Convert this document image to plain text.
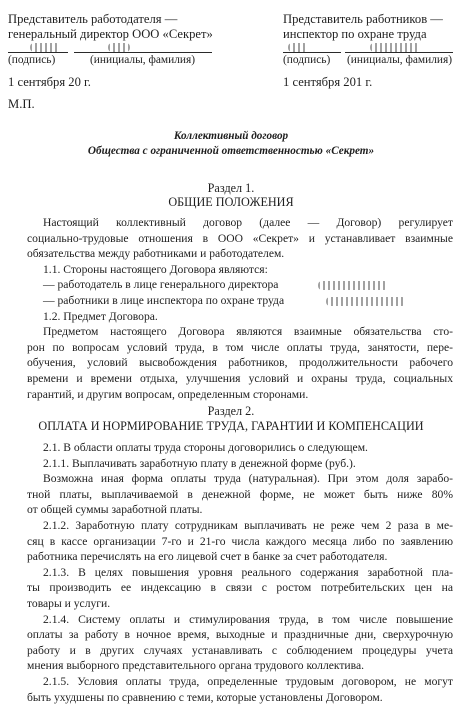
Представитель работодателя —
генеральный директор ООО «Секрет»
(подпись)	(инициалы, фамилия)
1 сентября 20 г.
Представитель работников —
инспектор по охране труда
(подпись) (инициалы, фамилия)
1 сентября 201 г.
М.П.
Коллективный договор
Общества с ограниченной ответственностью «Секрет»
Раздел 1.
ОБЩИЕ ПОЛОЖЕНИЯ
Настоящий коллективный договор (далее — Договор) регулирует
социально-трудовые отношения в ООО «Секрет» и устанавливает взаимные
обязательства между работниками и работодателем.
1.1. Стороны настоящего Договора являются:
— работодатель в лице генерального директора
— работники в лице инспектора по охране труда
1.2. Предмет Договора.
Предметом настоящего Договора являются взаимные обязательства сто-
рон по вопросам условий труда, в том числе оплаты труда, занятости, пере-
обучения, условий высвобождения работников, продолжительности рабочего
времени и времени отдыха, улучшения условий и охраны труда, социальных
гарантий, и другим вопросам, определенным сторонами.
Раздел 2.
ОПЛАТА И НОРМИРОВАНИЕ ТРУДА, ГАРАНТИИ И КОМПЕНСАЦИИ
2.1. В области оплаты труда стороны договорились о следующем.
2.1.1. Выплачивать заработную плату в денежной форме (руб.).
Возможна иная форма оплаты труда (натуральная). При этом доля зарабо-
тной платы, выплачиваемой в денежной форме, не может быть ниже 80%
от общей суммы заработной платы.
2.1.2. Заработную плату сотрудникам выплачивать не реже чем 2 раза в ме-
сяц в кассе организации 7-го и 21-го числа каждого месяца либо по заявлению
работника перечислять на его лицевой счет в банке за счет работодателя.
2.1.3. В целях повышения уровня реального содержания заработной пла-
ты производить ее индексацию в связи с ростом потребительских цен на
товары и услуги.
2.1.4. Систему оплаты и стимулирования труда, в том числе повышение
оплаты за работу в ночное время, выходные и праздничные дни, сверхурочную
работу и в других случаях устанавливать с соблюдением процедуры учета
мнения выборного представительного органа трудового коллектива.
2.1.5. Условия оплаты труда, определенные трудовым договором, не могут
быть ухудшены по сравнению с теми, которые установлены Договором.
